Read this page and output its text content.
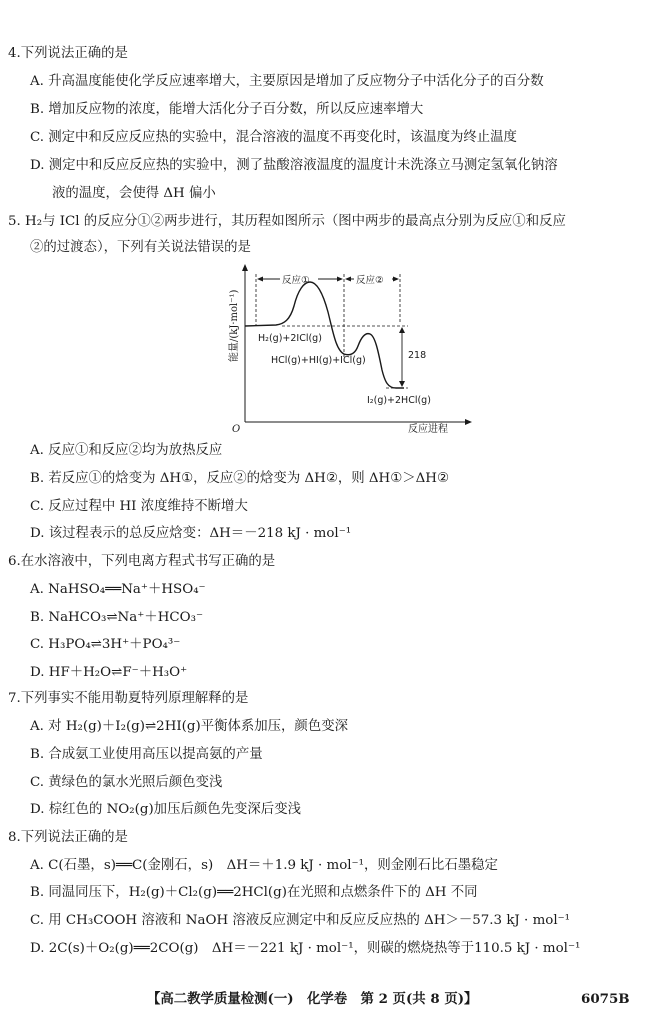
4.下列说法正确的是
A. 升高温度能使化学反应速率增大，主要原因是增加了反应物分子中活化分子的百分数
B. 增加反应物的浓度，能增大活化分子百分数，所以反应速率增大
C. 测定中和反应反应热的实验中，混合溶液的温度不再变化时，该温度为终止温度
D. 测定中和反应反应热的实验中，测了盐酸溶液温度的温度计未洗涤立马测定氢氧化钠溶
液的温度，会使得 ΔH 偏小
5. H₂与 ICl 的反应分①②两步进行，其历程如图所示（图中两步的最高点分别为反应①和反应
②的过渡态），下列有关说法错误的是
能量/(kJ·mol⁻¹)
O
反应①	反应②
218
H₂(g)+2ICl(g)
HCl(g)+HI(g)+ICl(g)
I₂(g)+2HCl(g)
反应进程
A. 反应①和反应②均为放热反应
B. 若反应①的焓变为 ΔH①，反应②的焓变为 ΔH②，则 ΔH①＞ΔH②
C. 反应过程中 HI 浓度维持不断增大
D. 该过程表示的总反应焓变：ΔH＝－218 kJ · mol⁻¹
6.在水溶液中，下列电离方程式书写正确的是
A. NaHSO₄══Na⁺＋HSO₄⁻
B. NaHCO₃⇌Na⁺＋HCO₃⁻
C. H₃PO₄⇌3H⁺＋PO₄³⁻
D. HF＋H₂O⇌F⁻＋H₃O⁺
7.下列事实不能用勒夏特列原理解释的是
A. 对 H₂(g)＋I₂(g)⇌2HI(g)平衡体系加压，颜色变深
B. 合成氨工业使用高压以提高氨的产量
C. 黄绿色的氯水光照后颜色变浅
D. 棕红色的 NO₂(g)加压后颜色先变深后变浅
8.下列说法正确的是
A. C(石墨，s)══C(金刚石，s)　ΔH＝＋1.9 kJ · mol⁻¹，则金刚石比石墨稳定
B. 同温同压下，H₂(g)＋Cl₂(g)══2HCl(g)在光照和点燃条件下的 ΔH 不同
C. 用 CH₃COOH 溶液和 NaOH 溶液反应测定中和反应反应热的 ΔH＞－57.3 kJ · mol⁻¹
D. 2C(s)＋O₂(g)══2CO(g)　ΔH＝－221 kJ · mol⁻¹，则碳的燃烧热等于110.5 kJ · mol⁻¹
【高二教学质量检测(一)　化学卷　第 2 页(共 8 页)】	6075B
